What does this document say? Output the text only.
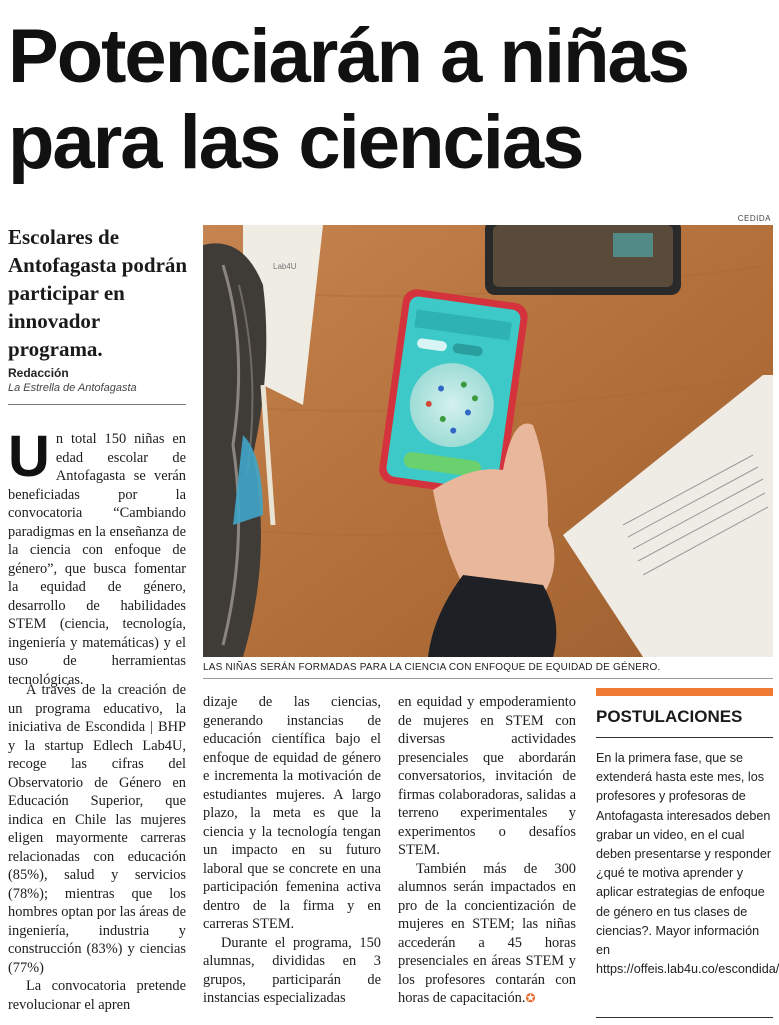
Potenciarán a niñas para las ciencias
Escolares de Antofagasta podrán participar en innovador programa.
Redacción
La Estrella de Antofagasta
CEDIDA
Lab4U
LAS NIÑAS SERÁN FORMADAS PARA LA CIENCIA CON ENFOQUE DE EQUIDAD DE GÉNERO.

Un total 150 niñas en edad escolar de Antofagasta se verán beneficiadas por la convocatoria “Cambiando paradigmas en la enseñanza de la ciencia con enfoque de género”, que busca fomentar la equidad de género, desarrollo de habilidades STEM (ciencia, tecnología, ingeniería y matemáticas) y el uso de herramientas tecnológicas.

A través de la creación de un programa educativo, la iniciativa de Escondida | BHP y la startup Edlech Lab4U, recoge las cifras del Observatorio de Género en Educación Superior, que indica en Chile las mujeres eligen mayormente carreras relacionadas con educación (85%), salud y servicios (78%); mientras que los hombres optan por las áreas de ingeniería, industria y construcción (83%) y ciencias (77%)

La convocatoria pretende revolucionar el apren

dizaje de las ciencias, generando instancias de educación científica bajo el enfoque de equidad de género e incrementa la motivación de estudiantes mujeres. A largo plazo, la meta es que la ciencia y la tecnología tengan un impacto en su futuro laboral que se concrete en una participación femenina activa dentro de la firma y en carreras STEM.

Durante el programa, 150 alumnas, divididas en 3 grupos, participarán de instancias especializadas

en equidad y empoderamiento de mujeres en STEM con diversas actividades presenciales que abordarán conversatorios, invitación de firmas colaboradoras, salidas a terreno experimentales y experimentos o desafíos STEM.

También más de 300 alumnos serán impactados en pro de la concientización de mujeres en STEM; las niñas accederán a 45 horas presenciales en áreas STEM y los profesores contarán con horas de capacitación.✪

POSTULACIONES
En la primera fase, que se extenderá hasta este mes, los profesores y profesoras de Antofagasta interesados deben grabar un video, en el cual deben presentarse y responder ¿qué te motiva aprender y aplicar estrategias de enfoque de género en tus clases de ciencias?. Mayor información en https://offeis.lab4u.co/escondida/
